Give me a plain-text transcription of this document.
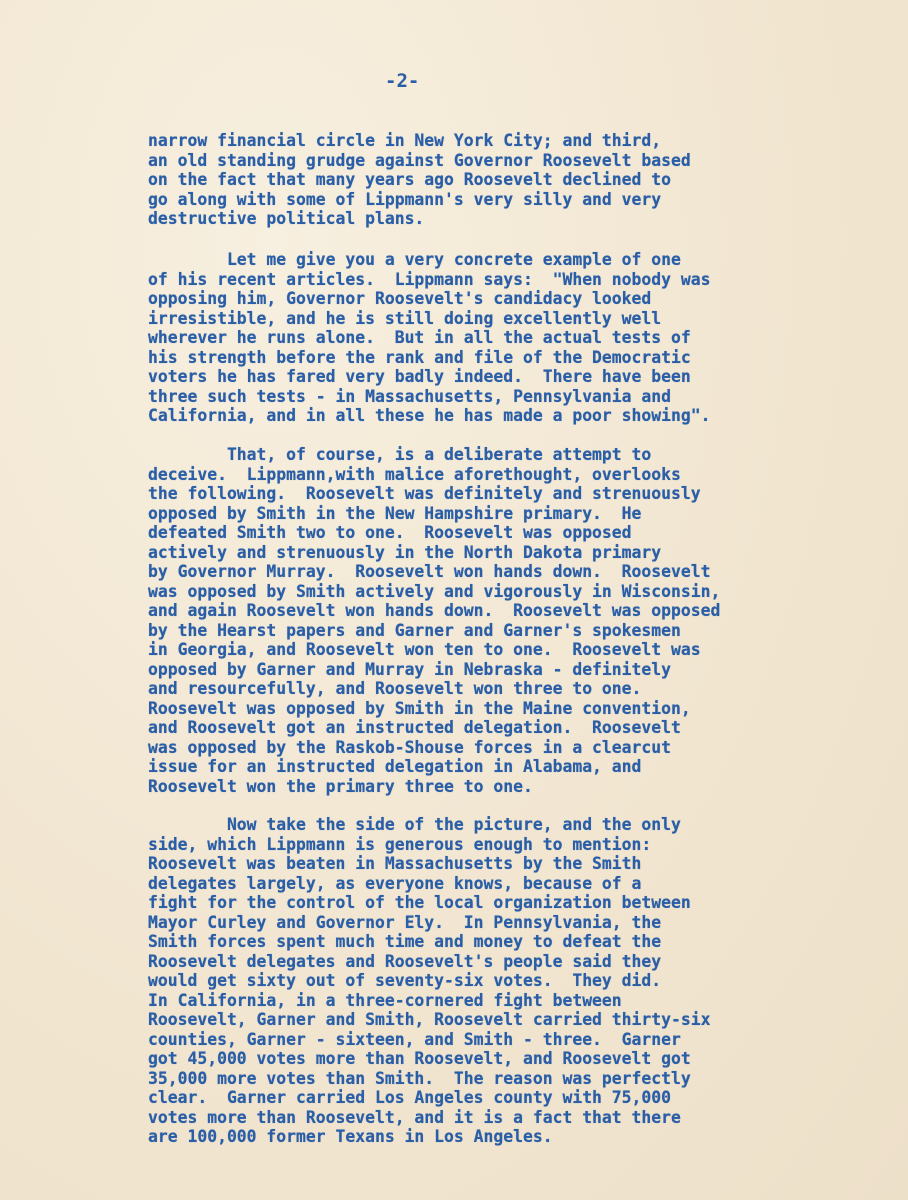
-2-
narrow financial circle in New York City; and third,
an old standing grudge against Governor Roosevelt based
on the fact that many years ago Roosevelt declined to
go along with some of Lippmann's very silly and very
destructive political plans.
Let me give you a very concrete example of one
of his recent articles.  Lippmann says:  "When nobody was
opposing him, Governor Roosevelt's candidacy looked
irresistible, and he is still doing excellently well
wherever he runs alone.  But in all the actual tests of
his strength before the rank and file of the Democratic
voters he has fared very badly indeed.  There have been
three such tests - in Massachusetts, Pennsylvania and
California, and in all these he has made a poor showing".
That, of course, is a deliberate attempt to
deceive.  Lippmann,with malice aforethought, overlooks
the following.  Roosevelt was definitely and strenuously
opposed by Smith in the New Hampshire primary.  He
defeated Smith two to one.  Roosevelt was opposed
actively and strenuously in the North Dakota primary
by Governor Murray.  Roosevelt won hands down.  Roosevelt
was opposed by Smith actively and vigorously in Wisconsin,
and again Roosevelt won hands down.  Roosevelt was opposed
by the Hearst papers and Garner and Garner's spokesmen
in Georgia, and Roosevelt won ten to one.  Roosevelt was
opposed by Garner and Murray in Nebraska - definitely
and resourcefully, and Roosevelt won three to one.
Roosevelt was opposed by Smith in the Maine convention,
and Roosevelt got an instructed delegation.  Roosevelt
was opposed by the Raskob-Shouse forces in a clearcut
issue for an instructed delegation in Alabama, and
Roosevelt won the primary three to one.
Now take the side of the picture, and the only
side, which Lippmann is generous enough to mention:
Roosevelt was beaten in Massachusetts by the Smith
delegates largely, as everyone knows, because of a
fight for the control of the local organization between
Mayor Curley and Governor Ely.  In Pennsylvania, the
Smith forces spent much time and money to defeat the
Roosevelt delegates and Roosevelt's people said they
would get sixty out of seventy-six votes.  They did.
In California, in a three-cornered fight between
Roosevelt, Garner and Smith, Roosevelt carried thirty-six
counties, Garner - sixteen, and Smith - three.  Garner
got 45,000 votes more than Roosevelt, and Roosevelt got
35,000 more votes than Smith.  The reason was perfectly
clear.  Garner carried Los Angeles county with 75,000
votes more than Roosevelt, and it is a fact that there
are 100,000 former Texans in Los Angeles.
